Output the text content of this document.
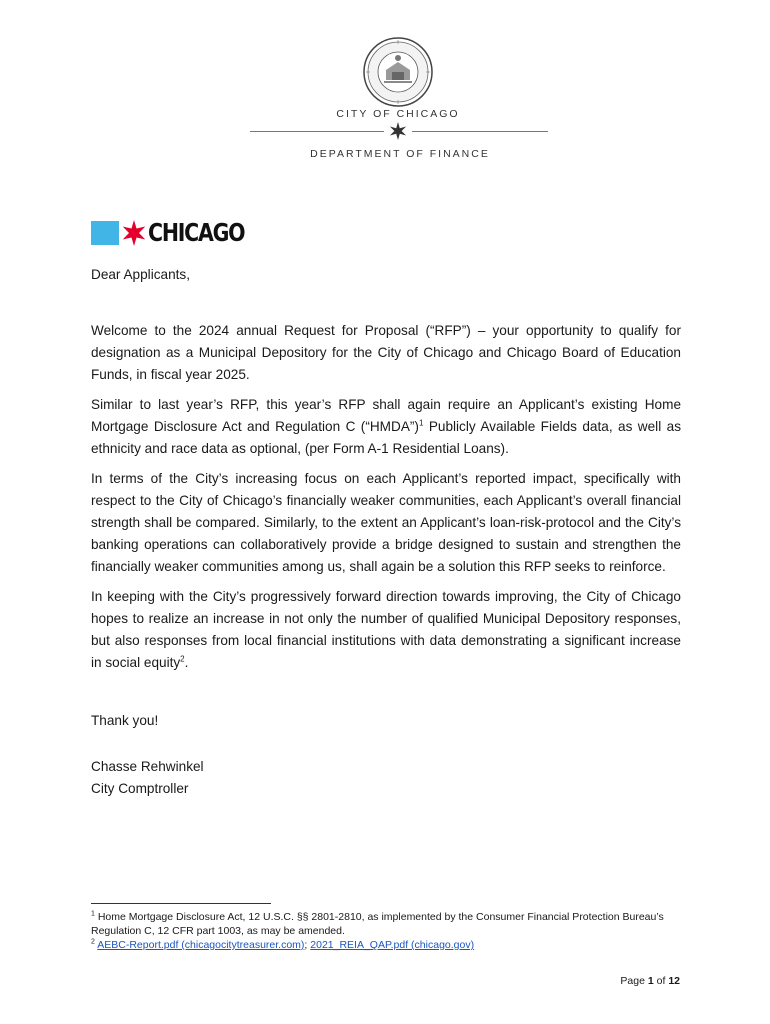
CITY OF CHICAGO
DEPARTMENT OF FINANCE
CHICAGO
Dear Applicants,
Welcome to the 2024 annual Request for Proposal (“RFP”) – your opportunity to qualify for designation as a Municipal Depository for the City of Chicago and Chicago Board of Education Funds, in fiscal year 2025.
Similar to last year’s RFP, this year’s RFP shall again require an Applicant’s existing Home Mortgage Disclosure Act and Regulation C (“HMDA”)$^1$ Publicly Available Fields data, as well as ethnicity and race data as optional, (per Form A-1 Residential Loans).
In terms of the City’s increasing focus on each Applicant’s reported impact, specifically with respect to the City of Chicago’s financially weaker communities, each Applicant’s overall financial strength shall be compared. Similarly, to the extent an Applicant’s loan-risk-protocol and the City’s banking operations can collaboratively provide a bridge designed to sustain and strengthen the financially weaker communities among us, shall again be a solution this RFP seeks to reinforce.
In keeping with the City’s progressively forward direction towards improving, the City of Chicago hopes to realize an increase in not only the number of qualified Municipal Depository responses, but also responses from local financial institutions with data demonstrating a significant increase in social equity$^2$.
Thank you!
Chasse Rehwinkel
City Comptroller
$^1$ Home Mortgage Disclosure Act, 12 U.S.C. §§ 2801-2810, as implemented by the Consumer Financial Protection Bureau’s Regulation C, 12 CFR part 1003, as may be amended.
$^2$ AEBC-Report.pdf (chicagocitytreasurer.com); 2021_REIA_QAP.pdf (chicago.gov)
Page 1 of 12
